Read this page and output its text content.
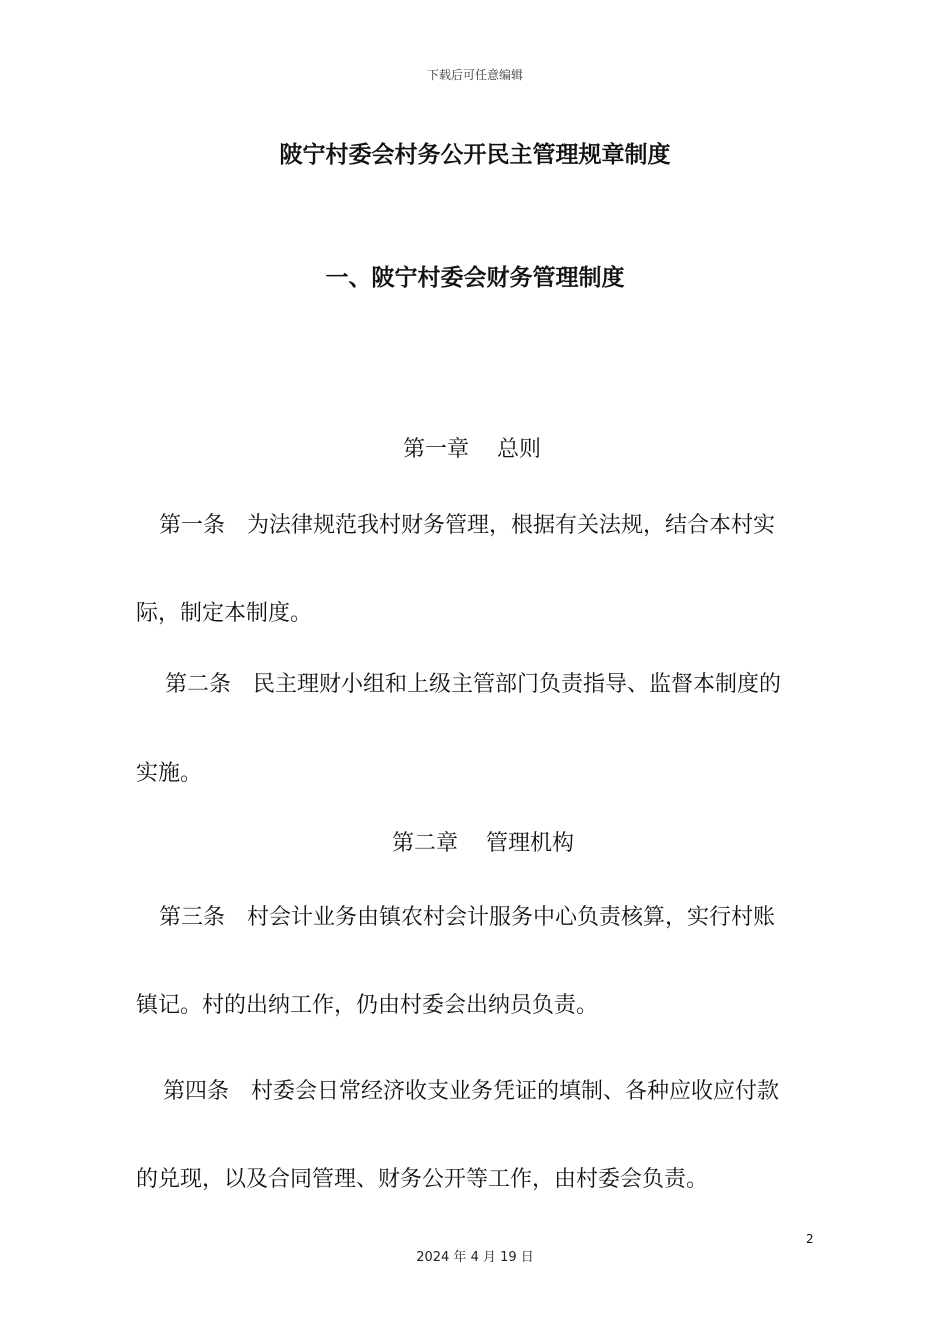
下载后可任意编辑
陂宁村委会村务公开民主管理规章制度
一、陂宁村委会财务管理制度
第一章 总则
第一条 为法律规范我村财务管理，根据有关法规，结合本村实
际，制定本制度。
第二条 民主理财小组和上级主管部门负责指导、监督本制度的
实施。
第二章 管理机构
第三条 村会计业务由镇农村会计服务中心负责核算，实行村账
镇记。村的出纳工作，仍由村委会出纳员负责。
第四条 村委会日常经济收支业务凭证的填制、各种应收应付款
的兑现，以及合同管理、财务公开等工作，由村委会负责。
2
2024 年 4 月 19 日
